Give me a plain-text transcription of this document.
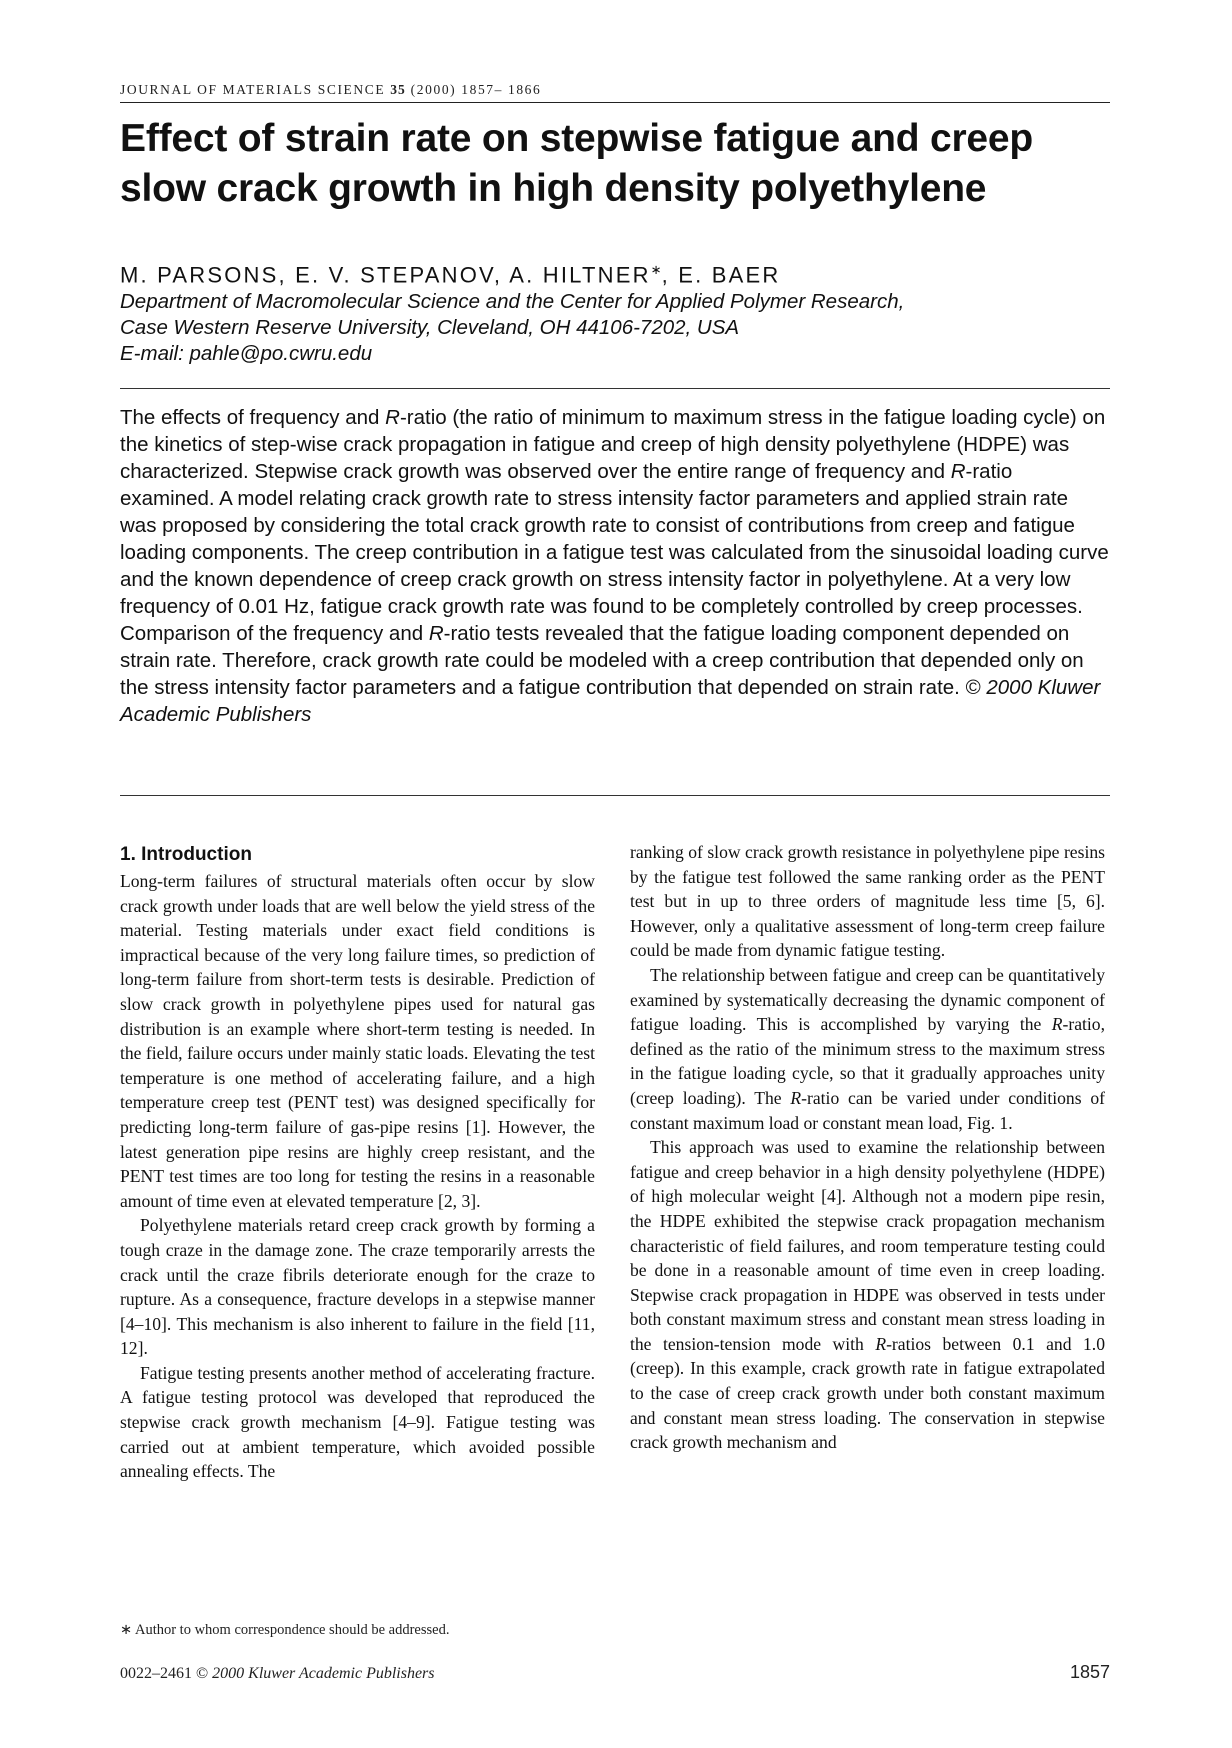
JOURNAL OF MATERIALS SCIENCE 35 (2000) 1857– 1866
Effect of strain rate on stepwise fatigue and creep slow crack growth in high density polyethylene
M. PARSONS, E. V. STEPANOV, A. HILTNER∗, E. BAER
Department of Macromolecular Science and the Center for Applied Polymer Research,
Case Western Reserve University, Cleveland, OH 44106-7202, USA
E-mail: pahle@po.cwru.edu
The effects of frequency and R-ratio (the ratio of minimum to maximum stress in the fatigue loading cycle) on the kinetics of step-wise crack propagation in fatigue and creep of high density polyethylene (HDPE) was characterized. Stepwise crack growth was observed over the entire range of frequency and R-ratio examined. A model relating crack growth rate to stress intensity factor parameters and applied strain rate was proposed by considering the total crack growth rate to consist of contributions from creep and fatigue loading components. The creep contribution in a fatigue test was calculated from the sinusoidal loading curve and the known dependence of creep crack growth on stress intensity factor in polyethylene. At a very low frequency of 0.01 Hz, fatigue crack growth rate was found to be completely controlled by creep processes. Comparison of the frequency and R-ratio tests revealed that the fatigue loading component depended on strain rate. Therefore, crack growth rate could be modeled with a creep contribution that depended only on the stress intensity factor parameters and a fatigue contribution that depended on strain rate. © 2000 Kluwer Academic Publishers
1. Introduction

Long-term failures of structural materials often occur by slow crack growth under loads that are well below the yield stress of the material. Testing materials under exact field conditions is impractical because of the very long failure times, so prediction of long-term failure from short-term tests is desirable. Prediction of slow crack growth in polyethylene pipes used for natural gas distribution is an example where short-term testing is needed. In the field, failure occurs under mainly static loads. Elevating the test temperature is one method of accelerating failure, and a high temperature creep test (PENT test) was designed specifically for predicting long-term failure of gas-pipe resins [1]. However, the latest generation pipe resins are highly creep resistant, and the PENT test times are too long for testing the resins in a reasonable amount of time even at elevated temperature [2, 3].

Polyethylene materials retard creep crack growth by forming a tough craze in the damage zone. The craze temporarily arrests the crack until the craze fibrils deteriorate enough for the craze to rupture. As a consequence, fracture develops in a stepwise manner [4–10]. This mechanism is also inherent to failure in the field [11, 12].

Fatigue testing presents another method of accelerating fracture. A fatigue testing protocol was developed that reproduced the stepwise crack growth mechanism [4–9]. Fatigue testing was carried out at ambient temperature, which avoided possible annealing effects. The

ranking of slow crack growth resistance in polyethylene pipe resins by the fatigue test followed the same ranking order as the PENT test but in up to three orders of magnitude less time [5, 6]. However, only a qualitative assessment of long-term creep failure could be made from dynamic fatigue testing.

The relationship between fatigue and creep can be quantitatively examined by systematically decreasing the dynamic component of fatigue loading. This is accomplished by varying the R-ratio, defined as the ratio of the minimum stress to the maximum stress in the fatigue loading cycle, so that it gradually approaches unity (creep loading). The R-ratio can be varied under conditions of constant maximum load or constant mean load, Fig. 1.

This approach was used to examine the relationship between fatigue and creep behavior in a high density polyethylene (HDPE) of high molecular weight [4]. Although not a modern pipe resin, the HDPE exhibited the stepwise crack propagation mechanism characteristic of field failures, and room temperature testing could be done in a reasonable amount of time even in creep loading. Stepwise crack propagation in HDPE was observed in tests under both constant maximum stress and constant mean stress loading in the tension-tension mode with R-ratios between 0.1 and 1.0 (creep). In this example, crack growth rate in fatigue extrapolated to the case of creep crack growth under both constant maximum and constant mean stress loading. The conservation in stepwise crack growth mechanism and

∗ Author to whom correspondence should be addressed.
0022–2461 © 2000 Kluwer Academic Publishers	1857
